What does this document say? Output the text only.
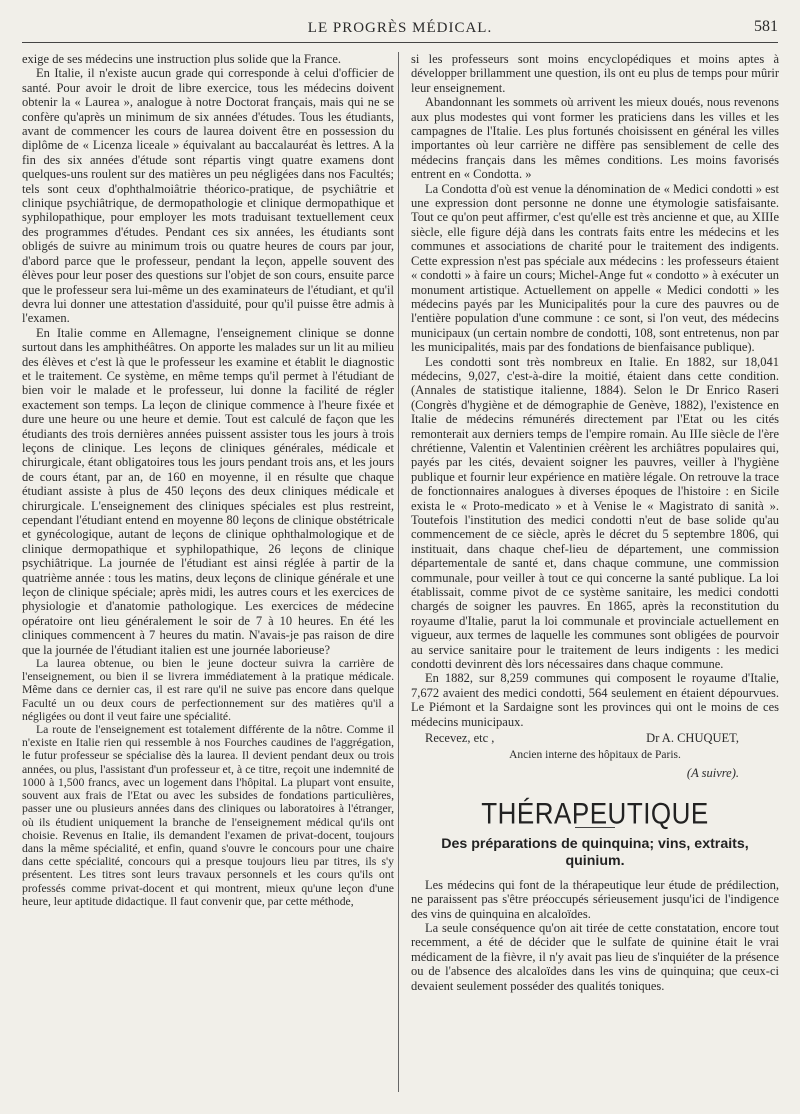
LE PROGRÈS MÉDICAL.	581

exige de ses médecins une instruction plus solide que la France.

En Italie, il n'existe aucun grade qui corresponde à celui d'officier de santé. Pour avoir le droit de libre exercice, tous les médecins doivent obtenir la « Laurea », analogue à notre Doctorat français, mais qui ne se confère qu'après un minimum de six années d'études. Tous les étudiants, avant de commencer les cours de laurea doivent être en possession du diplôme de « Licenza liceale » équivalant au baccalauréat ès lettres. A la fin des six années d'étude sont répartis vingt quatre examens dont quelques-uns roulent sur des matières un peu négligées dans nos Facultés; tels sont ceux d'ophthalmoiâtrie théorico-pratique, de psychiâtrie et clinique psychiâtrique, de dermopathologie et clinique dermopathique et syphilopathique, pour employer les mots traduisant textuellement ceux des programmes d'études. Pendant ces six années, les étudiants sont obligés de suivre au minimum trois ou quatre heures de cours par jour, d'abord parce que le professeur, pendant la leçon, appelle souvent des élèves pour leur poser des questions sur l'objet de son cours, ensuite parce que le professeur sera lui-même un des examinateurs de l'étudiant, et qu'il devra lui donner une attestation d'assiduité, pour qu'il puisse être admis à l'examen.

En Italie comme en Allemagne, l'enseignement clinique se donne surtout dans les amphithéâtres. On apporte les malades sur un lit au milieu des élèves et c'est là que le professeur les examine et établit le diagnostic et le traitement. Ce système, en même temps qu'il permet à l'étudiant de bien voir le malade et le professeur, lui donne la facilité de régler exactement son temps. La leçon de clinique commence à l'heure fixée et dure une heure ou une heure et demie. Tout est calculé de façon que les étudiants des trois dernières années puissent assister tous les jours à trois leçons de clinique. Les leçons de cliniques générales, médicale et chirurgicale, étant obligatoires tous les jours pendant trois ans, et les jours de cours étant, par an, de 160 en moyenne, il en résulte que chaque étudiant assiste à plus de 450 leçons des deux cliniques médicale et chirurgicale. L'enseignement des cliniques spéciales est plus restreint, cependant l'étudiant entend en moyenne 80 leçons de clinique obstétricale et gynécologique, autant de leçons de clinique ophthalmologique et de clinique dermopathique et syphilopathique, 26 leçons de clinique psychiâtrique. La journée de l'étudiant est ainsi réglée à partir de la quatrième année : tous les matins, deux leçons de clinique générale et une leçon de clinique spéciale; après midi, les autres cours et les exercices de physiologie et d'anatomie pathologique. Les exercices de médecine opératoire ont lieu généralement le soir de 7 à 10 heures. En été les cliniques commencent à 7 heures du matin. N'avais-je pas raison de dire que la journée de l'étudiant italien est une journée laborieuse?

La laurea obtenue, ou bien le jeune docteur suivra la carrière de l'enseignement, ou bien il se livrera immédiatement à la pratique médicale. Même dans ce dernier cas, il est rare qu'il ne suive pas encore dans quelque Faculté un ou deux cours de perfectionnement sur des matières qu'il a négligées ou dont il veut faire une spécialité.

La route de l'enseignement est totalement différente de la nôtre. Comme il n'existe en Italie rien qui ressemble à nos Fourches caudines de l'aggrégation, le futur professeur se spécialise dès la laurea. Il devient pendant deux ou trois années, ou plus, l'assistant d'un professeur et, à ce titre, reçoit une indemnité de 1000 à 1,500 francs, avec un logement dans l'hôpital. La plupart vont ensuite, souvent aux frais de l'Etat ou avec les subsides de fondations particulières, passer une ou plusieurs années dans des cliniques ou laboratoires à l'étranger, où ils étudient uniquement la branche de l'enseignement médical qu'ils ont choisie. Revenus en Italie, ils demandent l'examen de privat-docent, toujours dans la même spécialité, et enfin, quand s'ouvre le concours pour une chaire dans cette spécialité, concours qui a presque toujours lieu par titres, ils s'y présentent. Les titres sont leurs travaux personnels et les cours qu'ils ont professés comme privat-docent et qui montrent, mieux qu'une leçon d'une heure, leur aptitude didactique. Il faut convenir que, par cette méthode,

si les professeurs sont moins encyclopédiques et moins aptes à développer brillamment une question, ils ont eu plus de temps pour mûrir leur enseignement.

Abandonnant les sommets où arrivent les mieux doués, nous revenons aux plus modestes qui vont former les praticiens dans les villes et les campagnes de l'Italie. Les plus fortunés choisissent en général les villes importantes où leur carrière ne diffère pas sensiblement de celle des médecins français dans les mêmes conditions. Les moins favorisés entrent en « Condotta. »

La Condotta d'où est venue la dénomination de « Medici condotti » est une expression dont personne ne donne une étymologie satisfaisante. Tout ce qu'on peut affirmer, c'est qu'elle est très ancienne et que, au XIIIe siècle, elle figure déjà dans les contrats faits entre les médecins et les communes et associations de charité pour le traitement des indigents. Cette expression n'est pas spéciale aux médecins : les professeurs étaient « condotti » à faire un cours; Michel-Ange fut « condotto » à exécuter un monument artistique. Actuellement on appelle « Medici condotti » les médecins payés par les Municipalités pour la cure des pauvres ou de l'entière population d'une commune : ce sont, si l'on veut, des médecins municipaux (un certain nombre de condotti, 108, sont entretenus, non par les municipalités, mais par des fondations de bienfaisance publique).

Les condotti sont très nombreux en Italie. En 1882, sur 18,041 médecins, 9,027, c'est-à-dire la moitié, étaient dans cette condition. (Annales de statistique italienne, 1884). Selon le Dr Enrico Raseri (Congrès d'hygiène et de démographie de Genève, 1882), l'existence en Italie de médecins rémunérés directement par l'Etat ou les cités remonterait aux derniers temps de l'empire romain. Au IIIe siècle de l'ère chrétienne, Valentin et Valentinien créèrent les archiâtres populaires qui, payés par les cités, devaient soigner les pauvres, veiller à l'hygiène publique et fournir leur expérience en matière légale. On retrouve la trace de fonctionnaires analogues à diverses époques de l'histoire : en Sicile exista le « Proto-medicato » et à Venise le « Magistrato di sanità ». Toutefois l'institution des medici condotti n'eut de base solide qu'au commencement de ce siècle, après le décret du 5 septembre 1806, qui instituait, dans chaque chef-lieu de département, une commission départementale de santé et, dans chaque commune, une commission communale, pour veiller à tout ce qui concerne la santé publique. La loi établissait, comme pivot de ce système sanitaire, les medici condotti chargés de soigner les pauvres. En 1865, après la reconstitution du royaume d'Italie, parut la loi communale et provinciale actuellement en vigueur, aux termes de laquelle les communes sont obligées de pourvoir au service sanitaire pour le traitement de leurs indigents : les medici condotti devinrent dès lors nécessaires dans chaque commune.

En 1882, sur 8,259 communes qui composent le royaume d'Italie, 7,672 avaient des medici condotti, 564 seulement en étaient dépourvues. Le Piémont et la Sardaigne sont les provinces qui ont le moins de ces médecins municipaux.

Recevez, etc ,	Dr A. CHUQUET,
Ancien interne des hôpitaux de Paris.
(A suivre).
THÉRAPEUTIQUE
Des préparations de quinquina; vins, extraits, quinium.

Les médecins qui font de la thérapeutique leur étude de prédilection, ne paraissent pas s'être préoccupés sérieusement jusqu'ici de l'indigence des vins de quinquina en alcaloïdes.

La seule conséquence qu'on ait tirée de cette constatation, encore tout recemment, a été de décider que le sulfate de quinine était le vrai médicament de la fièvre, il n'y avait pas lieu de s'inquiéter de la présence ou de l'absence des alcaloïdes dans les vins de quinquina; que ceux-ci devaient seulement posséder des qualités toniques.
